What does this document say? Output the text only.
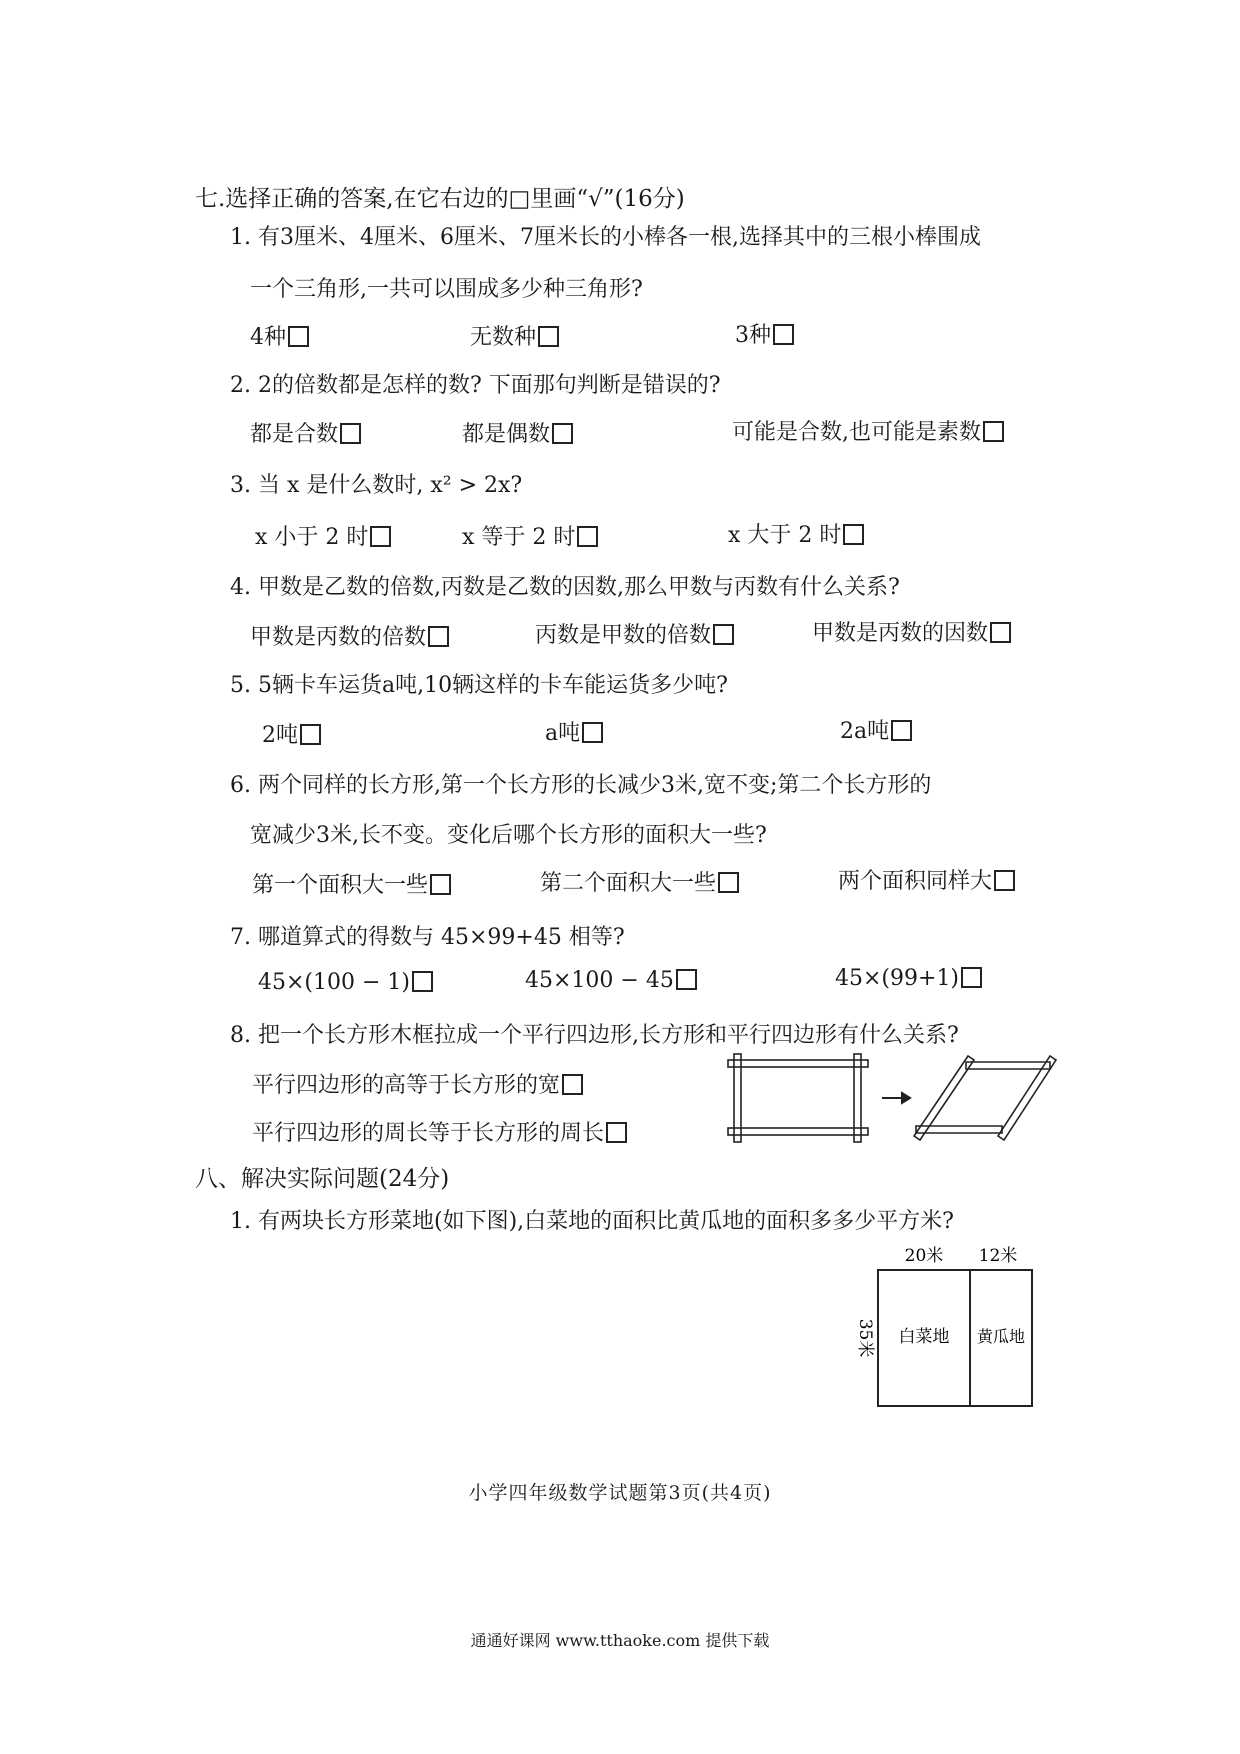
七.选择正确的答案,在它右边的□里画“√”(16分)
1. 有3厘米、4厘米、6厘米、7厘米长的小棒各一根,选择其中的三根小棒围成
一个三角形,一共可以围成多少种三角形?
4种	无数种	3种
2. 2的倍数都是怎样的数? 下面那句判断是错误的?
都是合数	都是偶数	可能是合数,也可能是素数
3. 当 x 是什么数时, x² > 2x?
x 小于 2 时	x 等于 2 时	x 大于 2 时
4. 甲数是乙数的倍数,丙数是乙数的因数,那么甲数与丙数有什么关系?
甲数是丙数的倍数	丙数是甲数的倍数	甲数是丙数的因数
5. 5辆卡车运货a吨,10辆这样的卡车能运货多少吨?
2吨	a吨	2a吨
6. 两个同样的长方形,第一个长方形的长减少3米,宽不变;第二个长方形的
宽减少3米,长不变。变化后哪个长方形的面积大一些?
第一个面积大一些	第二个面积大一些	两个面积同样大
7. 哪道算式的得数与 45×99+45 相等?
45×(100 − 1)	45×100 − 45	45×(99+1)
8. 把一个长方形木框拉成一个平行四边形,长方形和平行四边形有什么关系?
平行四边形的高等于长方形的宽
平行四边形的周长等于长方形的周长
八、解决实际问题(24分)
1. 有两块长方形菜地(如下图),白菜地的面积比黄瓜地的面积多多少平方米?
20米 12米
白菜地 黄瓜地
35米
小学四年级数学试题第3页(共4页)
通通好课网 www.tthaoke.com 提供下载
